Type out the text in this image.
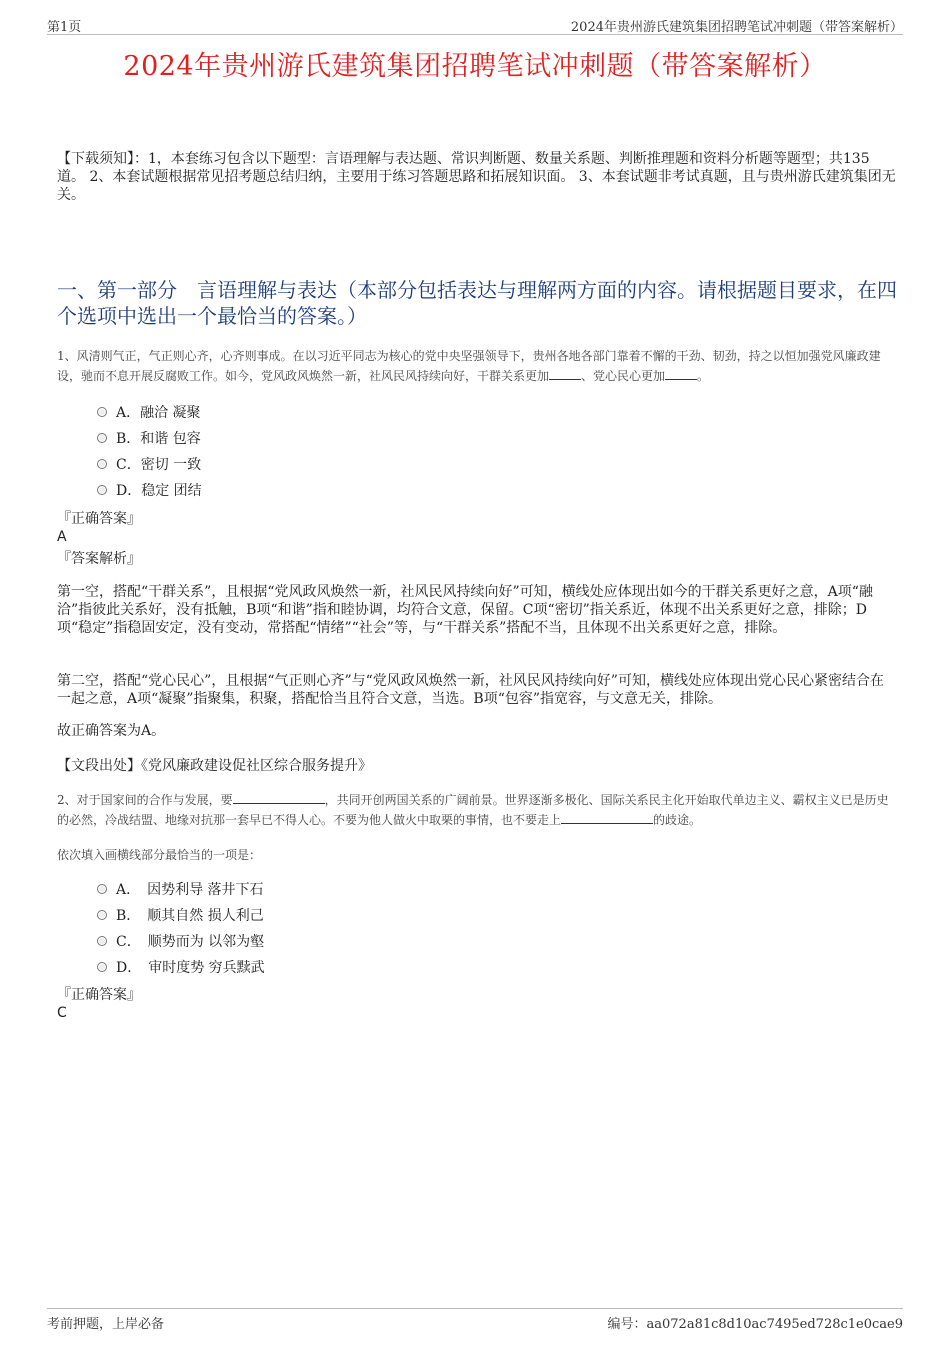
第1页	2024年贵州游氏建筑集团招聘笔试冲刺题（带答案解析）
2024年贵州游氏建筑集团招聘笔试冲刺题（带答案解析）
【下载须知】：1，本套练习包含以下题型：言语理解与表达题、常识判断题、数量关系题、判断推理题和资料分析题等题型；共135道。 2、本套试题根据常见招考题总结归纳，主要用于练习答题思路和拓展知识面。 3、本套试题非考试真题，且与贵州游氏建筑集团无关。
一、第一部分　言语理解与表达（本部分包括表达与理解两方面的内容。请根据题目要求，在四个选项中选出一个最恰当的答案。）
1、风清则气正，气正则心齐，心齐则事成。在以习近平同志为核心的党中央坚强领导下，贵州各地各部门靠着不懈的干劲、韧劲，持之以恒加强党风廉政建设，驰而不息开展反腐败工作。如今，党风政风焕然一新，社风民风持续向好，干群关系更加	、党心民心更加	。
A．融洽 凝聚
B．和谐 包容
C．密切 一致
D．稳定 团结
『正确答案』
A
『答案解析』
第一空，搭配“干群关系”，且根据“党风政风焕然一新，社风民风持续向好”可知，横线处应体现出如今的干群关系更好之意，A项“融洽”指彼此关系好，没有抵触，B项“和谐”指和睦协调，均符合文意，保留。C项“密切”指关系近，体现不出关系更好之意，排除；D项“稳定”指稳固安定，没有变动，常搭配“情绪”“社会”等，与“干群关系”搭配不当，且体现不出关系更好之意，排除。
第二空，搭配“党心民心”，且根据“气正则心齐”与“党风政风焕然一新，社风民风持续向好”可知，横线处应体现出党心民心紧密结合在一起之意，A项“凝聚”指聚集，积聚，搭配恰当且符合文意，当选。B项“包容”指宽容，与文意无关，排除。
故正确答案为A。
【文段出处】《党风廉政建设促社区综合服务提升》
2、对于国家间的合作与发展，要	，共同开创两国关系的广阔前景。世界逐渐多极化、国际关系民主化开始取代单边主义、霸权主义已是历史的必然，冷战结盟、地缘对抗那一套早已不得人心。不要为他人做火中取栗的事情，也不要走上	的歧途。
依次填入画横线部分最恰当的一项是：
A．　因势利导 落井下石
B．　顺其自然 损人利己
C．　顺势而为 以邻为壑
D．　审时度势 穷兵黩武
『正确答案』
C
考前押题，上岸必备	编号：aa072a81c8d10ac7495ed728c1e0cae9
